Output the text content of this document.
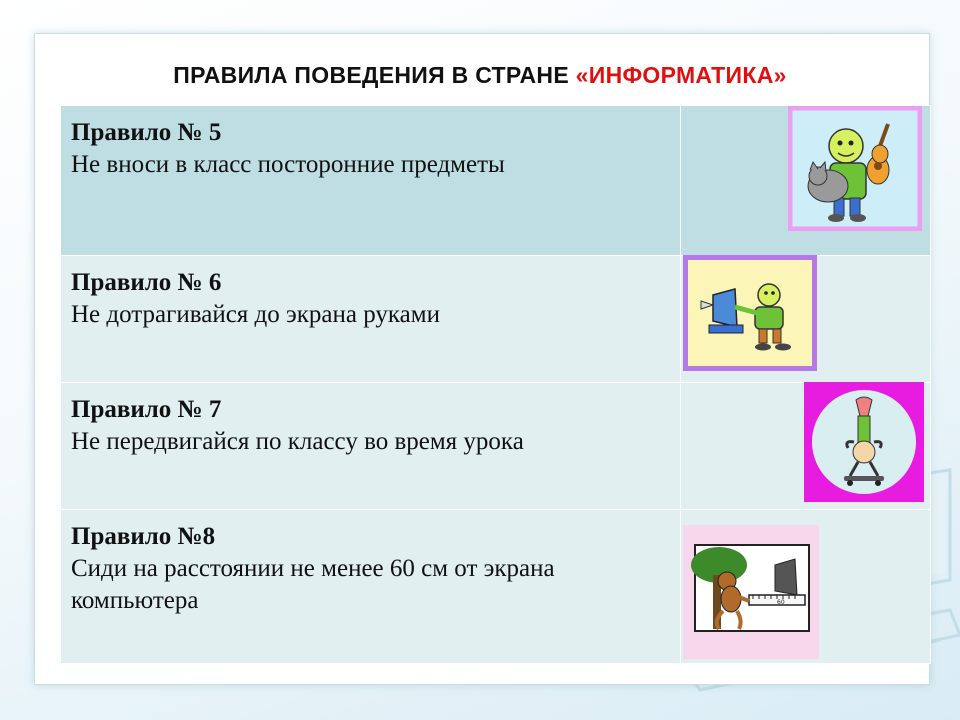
ПРАВИЛА ПОВЕДЕНИЯ В СТРАНЕ «ИНФОРМАТИКА»
Правило № 5
Не вноси в класс посторонние предметы	

Правило № 6
Не дотрагивайся до экрана руками	

Правило № 7
Не передвигайся по классу во время урока	

Правило №8
Сиди на расстоянии не менее 60 см от экрана компьютера	
		60
